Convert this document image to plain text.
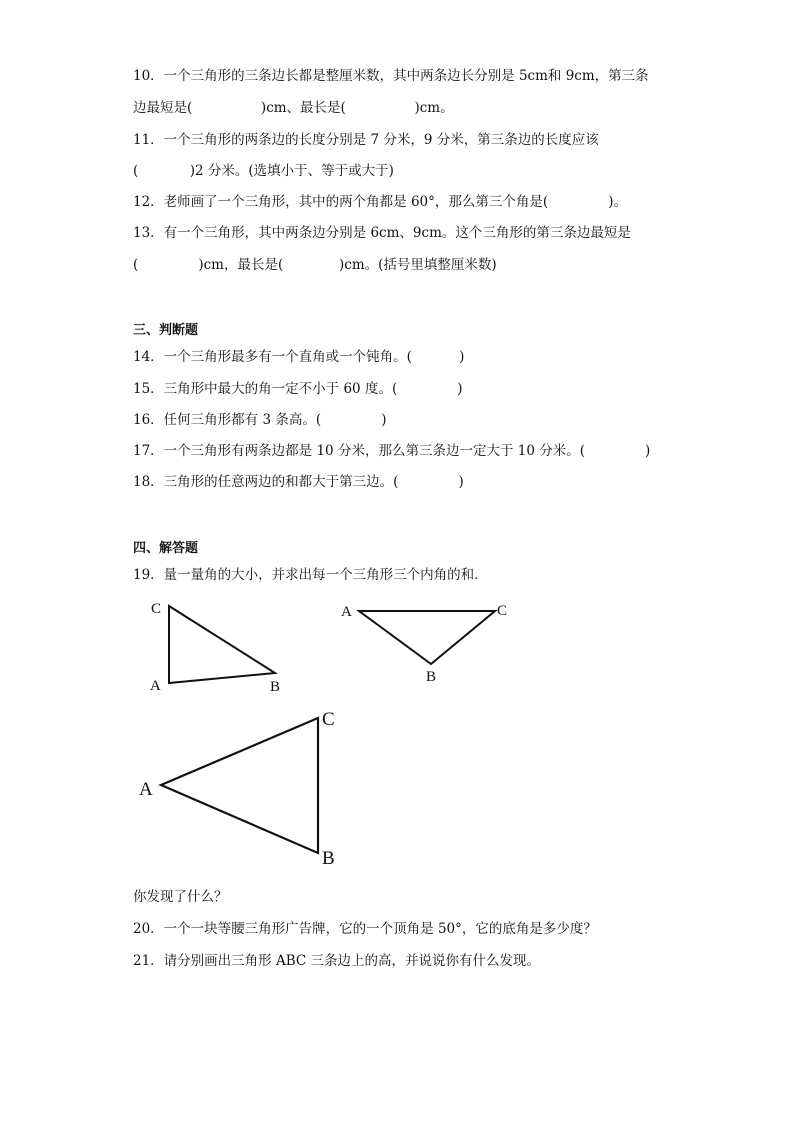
10．一个三角形的三条边长都是整厘米数，其中两条边长分别是 5cm和 9cm，第三条
边最短是(                )cm、最长是(                )cm。
11．一个三角形的两条边的长度分别是 7 分米，9 分米，第三条边的长度应该
(            )2 分米。(选填小于、等于或大于)
12．老师画了一个三角形，其中的两个角都是 60°，那么第三个角是(              )。
13．有一个三角形，其中两条边分别是 6cm、9cm。这个三角形的第三条边最短是
(              )cm，最长是(             )cm。(括号里填整厘米数)
三、判断题
14．一个三角形最多有一个直角或一个钝角。(           )
15．三角形中最大的角一定不小于 60 度。(              )
16．任何三角形都有 3 条高。(              )
17．一个三角形有两条边都是 10 分米，那么第三条边一定大于 10 分米。(              )
18．三角形的任意两边的和都大于第三边。(              )
四、解答题
19．量一量角的大小，并求出每一个三角形三个内角的和．
C
A	B
A	C
B
A
C
B
你发现了什么？
20．一个一块等腰三角形广告牌，它的一个顶角是 50°，它的底角是多少度？
21．请分别画出三角形 ABC 三条边上的高，并说说你有什么发现。
